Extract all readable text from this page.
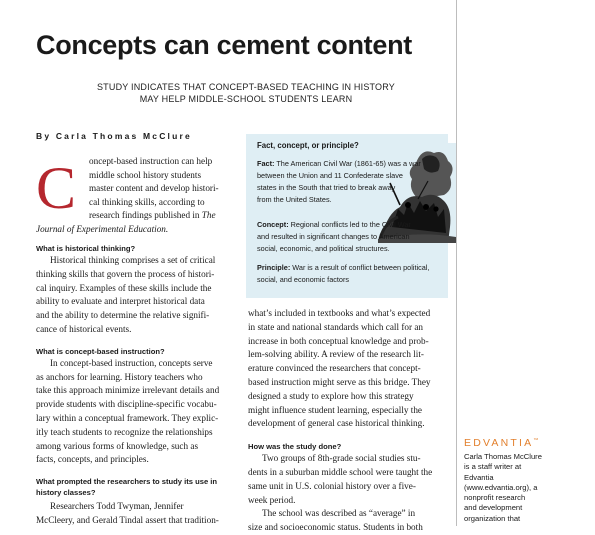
Concepts can cement content
STUDY INDICATES THAT CONCEPT-BASED TEACHING IN HISTORY
MAY HELP MIDDLE-SCHOOL STUDENTS LEARN
By Carla Thomas McClure
C oncept-based instruction can help
middle school history students
master content and develop histori-
cal thinking skills, according to
research findings published in The
Journal of Experimental Education.

What is historical thinking?

Historical thinking comprises a set of critical
thinking skills that govern the process of histori-
cal inquiry. Examples of these skills include the
ability to evaluate and interpret historical data
and the ability to determine the relative signifi-
cance of historical events.

What is concept-based instruction?

In concept-based instruction, concepts serve
as anchors for learning. History teachers who
take this approach minimize irrelevant details and
provide students with discipline-specific vocabu-
lary within a conceptual framework. They explic-
itly teach students to recognize the relationships
among various forms of knowledge, such as
facts, concepts, and principles.

What prompted the researchers to study its use in

history classes?

Researchers Todd Twyman, Jennifer
McCleery, and Gerald Tindal assert that tradition-
Fact, concept, or principle?
Fact: The American Civil War (1861-65) was a war
between the Union and 11 Confederate slave
states in the South that tried to break away
from the United States.
Concept: Regional conflicts led to the Civil War
and resulted in significant changes to American
social, economic, and political structures.
Principle: War is a result of conflict between political,
social, and economic factors
what’s included in textbooks and what’s expected
in state and national standards which call for an
increase in both conceptual knowledge and prob-
lem-solving ability. A review of the research lit-
erature convinced the researchers that concept-
based instruction might serve as this bridge. They
designed a study to explore how this strategy
might influence student learning, especially the
development of general case historical thinking.

How was the study done?

Two groups of 8th-grade social studies stu-
dents in a suburban middle school were taught the
same unit in U.S. colonial history over a five-
week period.
The school was described as “average” in
size and socioeconomic status. Students in both
EDVANTIA™
Carla Thomas McClure
is a staff writer at
Edvantia
(www.edvantia.org), a
nonprofit research
and development
organization that
